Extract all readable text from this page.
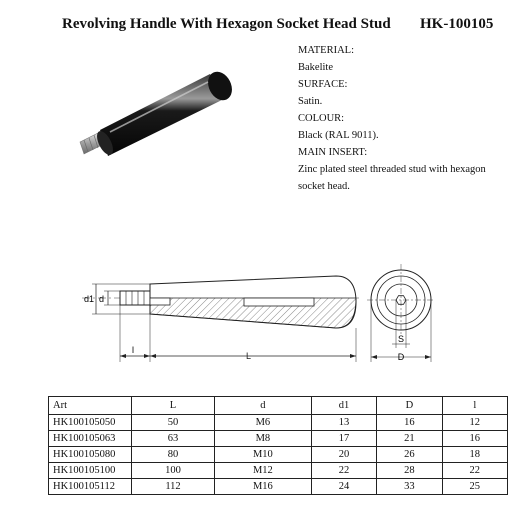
Revolving Handle With Hexagon Socket Head Stud HK-100105
MATERIAL:
Bakelite
SURFACE:
Satin.
COLOUR:
Black (RAL 9011).
MAIN INSERT:
Zinc plated steel threaded stud with hexagon
socket head.
d1 d
l
L
S
D
Art	L	d	d1	D	l
HK100105050	50	M6	13	16	12
HK100105063	63	M8	17	21	16
HK100105080	80	M10	20	26	18
HK100105100	100	M12	22	28	22
HK100105112	112	M16	24	33	25
